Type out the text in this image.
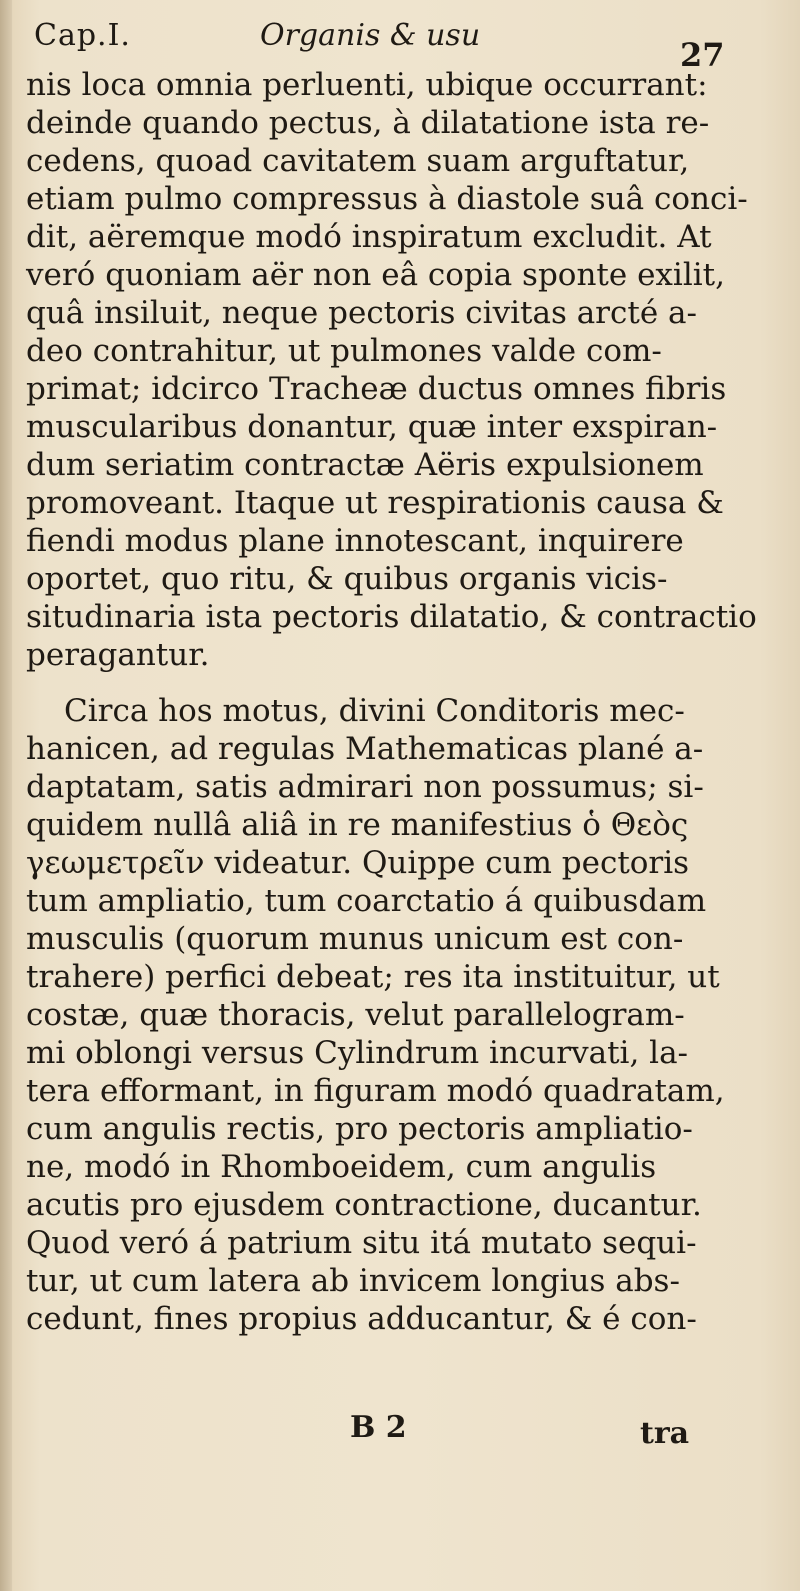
Cap.I.	Organis & usu
27
nis loca omnia perluenti, ubique occurrant:
deinde quando pectus, à dilatatione ista re-
cedens, quoad cavitatem suam arguftatur,
etiam pulmo compressus à diastole suâ conci-
dit, aëremque modó inspiratum excludit. At
veró quoniam aër non eâ copia sponte exilit,
quâ insiluit, neque pectoris civitas arcté a-
deo contrahitur, ut pulmones valde com-
primat; idcirco Tracheæ ductus omnes fibris
muscularibus donantur, quæ inter exspiran-
dum seriatim contractæ Aëris expulsionem
promoveant. Itaque ut respirationis causa &
fiendi modus plane innotescant, inquirere
oportet, quo ritu, & quibus organis vicis-
situdinaria ista pectoris dilatatio, & contractio
peragantur.
Circa hos motus, divini Conditoris mec-
hanicen, ad regulas Mathematicas plané a-
daptatam, satis admirari non possumus; si-
quidem nullâ aliâ in re manifestius ὁ Θεὸς
γεωμετρεῖν videatur. Quippe cum pectoris
tum ampliatio, tum coarctatio á quibusdam
musculis (quorum munus unicum est con-
trahere) perfici debeat; res ita instituitur, ut
costæ, quæ thoracis, velut parallelogram-
mi oblongi versus Cylindrum incurvati, la-
tera efformant, in figuram modó quadratam,
cum angulis rectis, pro pectoris ampliatio-
ne, modó in Rhomboeidem, cum angulis
acutis pro ejusdem contractione, ducantur.
Quod veró á patrium situ itá mutato sequi-
tur, ut cum latera ab invicem longius abs-
cedunt, fines propius adducantur, & é con-
B 2	tra
